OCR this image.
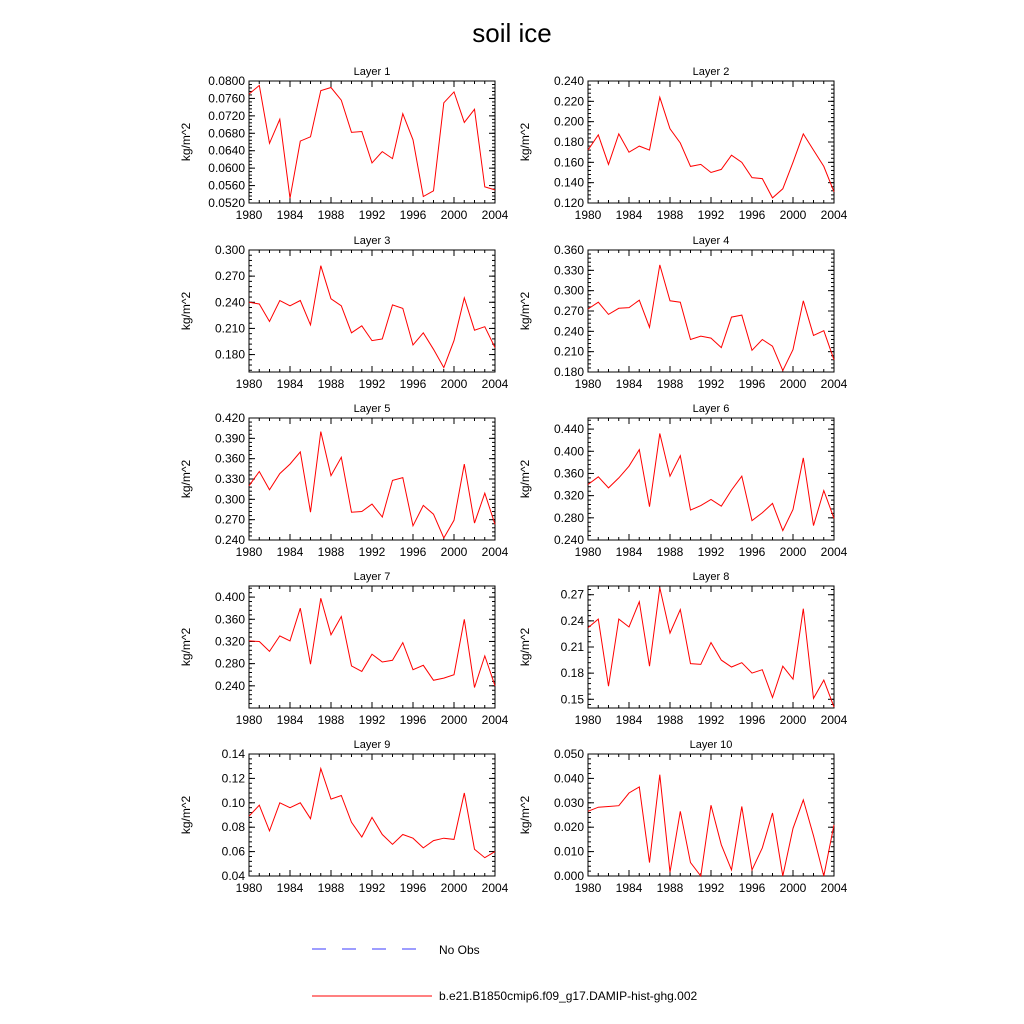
soil ice
Layer 1
1980 1984 1988 1992 1996 2000 2004
0.0520
0.0560
0.0600
0.0640
0.0680
0.0720
0.0760
0.0800
kg/m^2
Layer 2
1980 1984 1988 1992 1996 2000 2004
0.120
0.140
0.160
0.180
0.200
0.220
0.240
kg/m^2
Layer 3
1980 1984 1988 1992 1996 2000 2004
0.180
0.210
0.240
0.270
0.300
kg/m^2
Layer 4
1980 1984 1988 1992 1996 2000 2004
0.180
0.210
0.240
0.270
0.300
0.330
0.360
kg/m^2
Layer 5
1980 1984 1988 1992 1996 2000 2004
0.240
0.270
0.300
0.330
0.360
0.390
0.420
kg/m^2
Layer 6
1980 1984 1988 1992 1996 2000 2004
0.240
0.280
0.320
0.360
0.400
0.440
kg/m^2
Layer 7
1980 1984 1988 1992 1996 2000 2004
0.240
0.280
0.320
0.360
0.400
kg/m^2
Layer 8
1980 1984 1988 1992 1996 2000 2004
0.15
0.18
0.21
0.24
0.27
kg/m^2
Layer 9
1980 1984 1988 1992 1996 2000 2004
0.04
0.06
0.08
0.10
0.12
0.14
kg/m^2
Layer 10
1980 1984 1988 1992 1996 2000 2004
0.000
0.010
0.020
0.030
0.040
0.050
kg/m^2
No Obs
b.e21.B1850cmip6.f09_g17.DAMIP-hist-ghg.002
